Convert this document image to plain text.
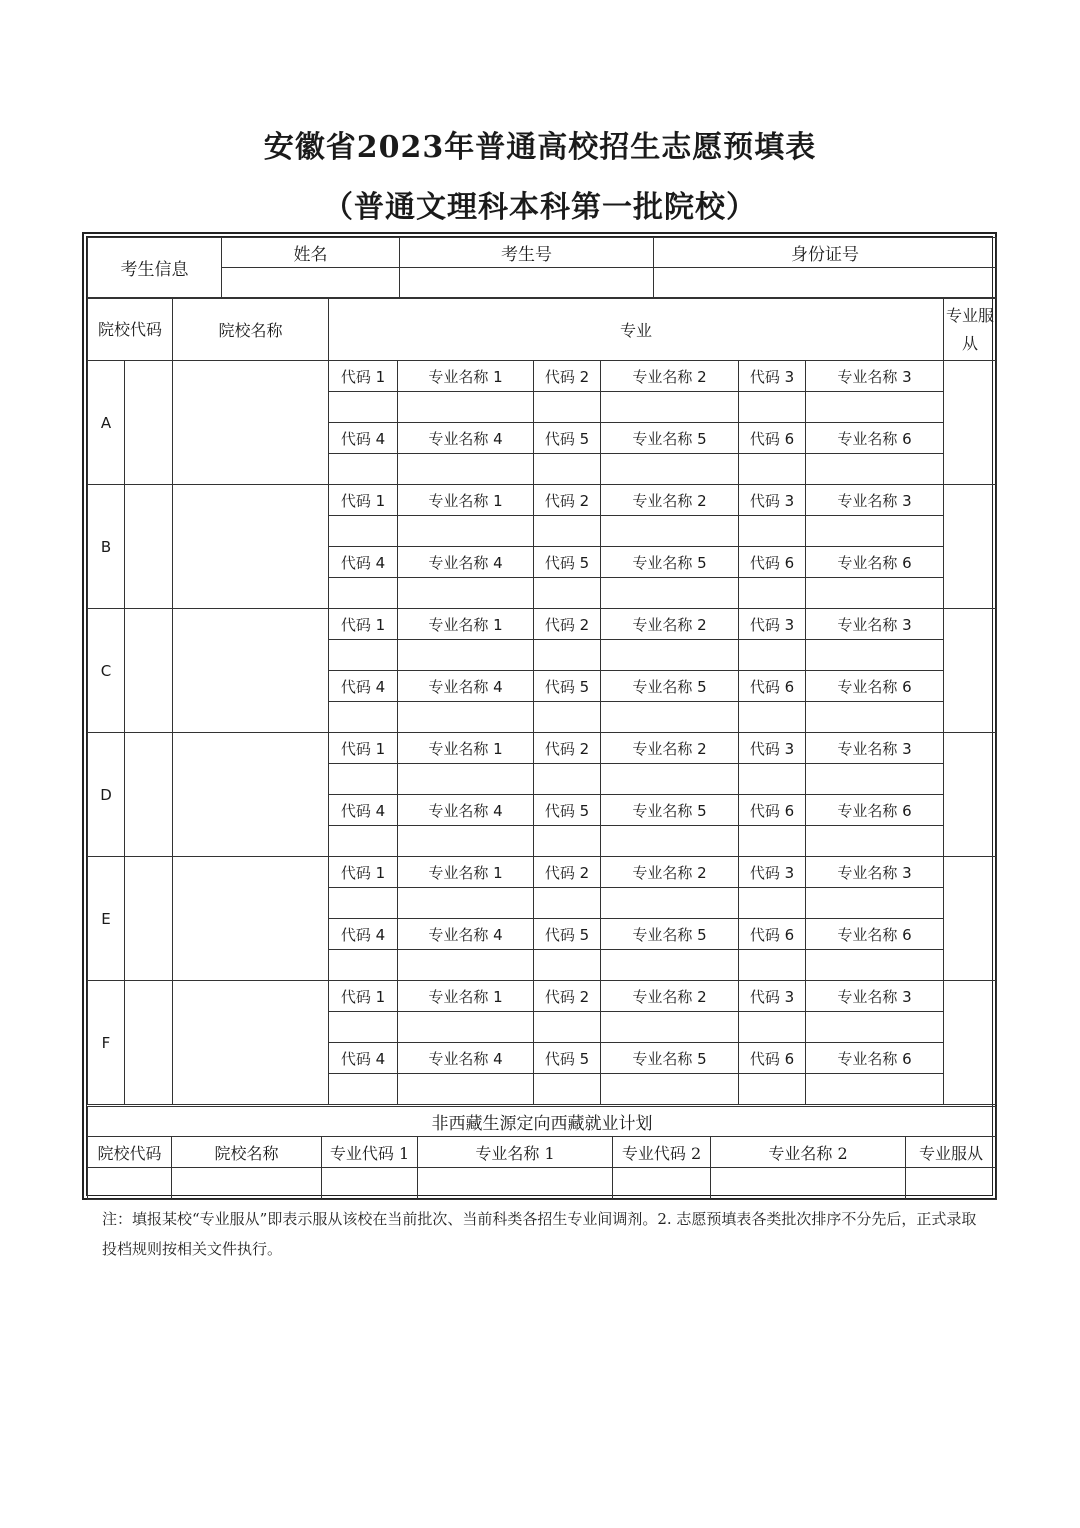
安徽省2023年普通高校招生志愿预填表
（普通文理科本科第一批院校）
考生信息	姓名	考生号	身份证号

院校代码		院校名称	专业						专业服从
A			代码 1	专业名称 1	代码 2	专业名称 2	代码 3	专业名称 3	

			代码 4	专业名称 4	代码 5	专业名称 5	代码 6	专业名称 6	

B			代码 1	专业名称 1	代码 2	专业名称 2	代码 3	专业名称 3	

			代码 4	专业名称 4	代码 5	专业名称 5	代码 6	专业名称 6	

C			代码 1	专业名称 1	代码 2	专业名称 2	代码 3	专业名称 3	

			代码 4	专业名称 4	代码 5	专业名称 5	代码 6	专业名称 6	

D			代码 1	专业名称 1	代码 2	专业名称 2	代码 3	专业名称 3	

			代码 4	专业名称 4	代码 5	专业名称 5	代码 6	专业名称 6	

E			代码 1	专业名称 1	代码 2	专业名称 2	代码 3	专业名称 3	

			代码 4	专业名称 4	代码 5	专业名称 5	代码 6	专业名称 6	

F			代码 1	专业名称 1	代码 2	专业名称 2	代码 3	专业名称 3	

			代码 4	专业名称 4	代码 5	专业名称 5	代码 6	专业名称 6	

非西藏生源定向西藏就业计划						
院校代码	院校名称	专业代码 1	专业名称 1	专业代码 2	专业名称 2	专业服从

注：填报某校“专业服从”即表示服从该校在当前批次、当前科类各招生专业间调剂。2. 志愿预填表各类批次排序不分先后，正式录取投档规则按相关文件执行。
